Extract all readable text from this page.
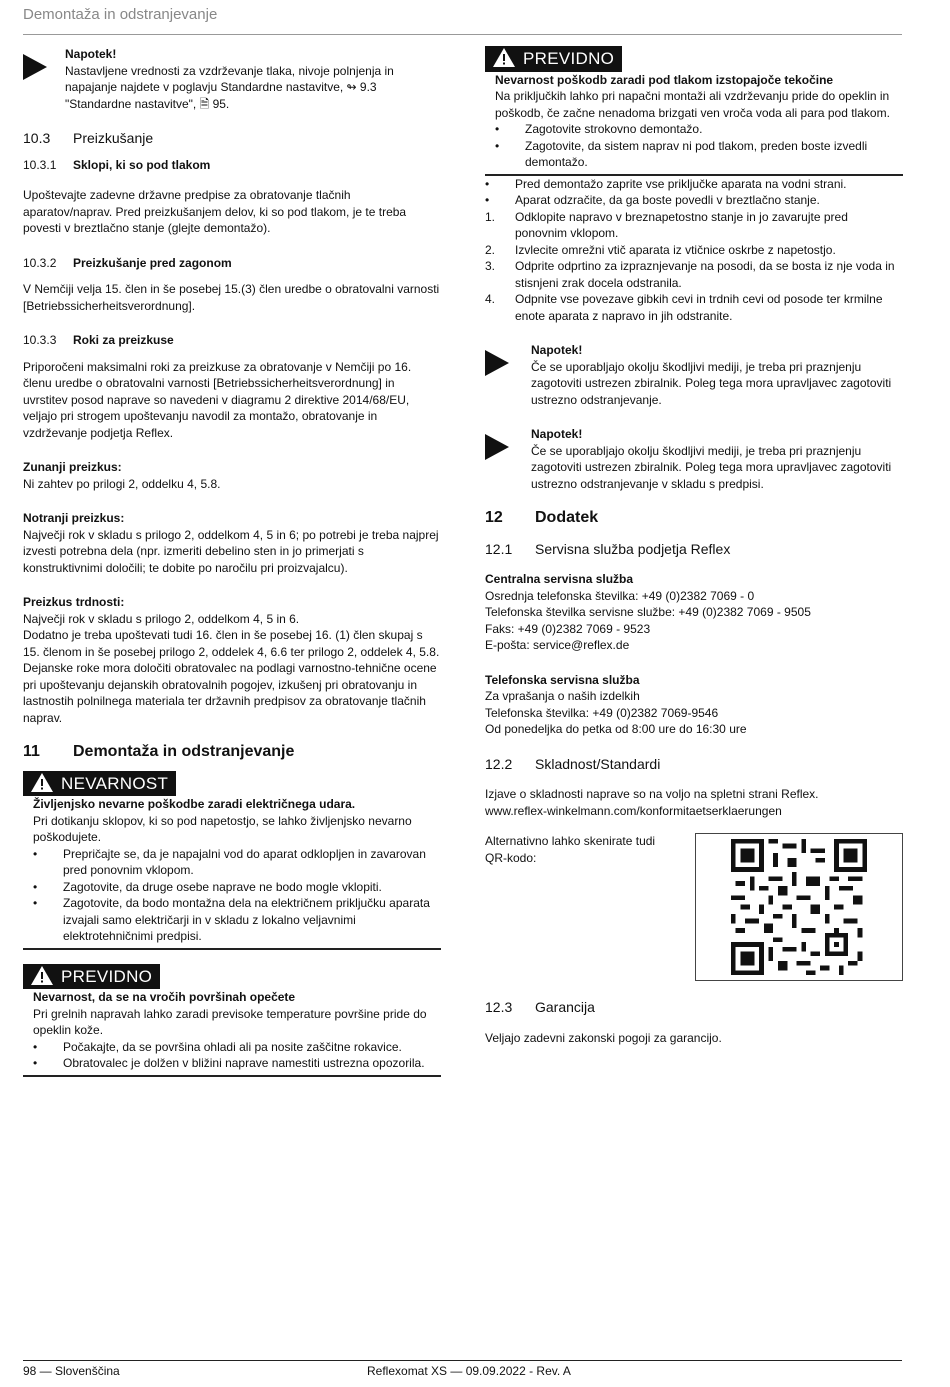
Demontaža in odstranjevanje

Napotek!

Nastavljene vrednosti za vzdrževanje tlaka, nivoje polnjenja in napajanje najdete v poglavju Standardne nastavitve, ↬ 9.3 "Standardne nastavitve", 🗎 95.

10.3	Preizkušanje
10.3.1	Sklopi, ki so pod tlakom

Upoštevajte zadevne državne predpise za obratovanje tlačnih aparatov/naprav. Pred preizkušanjem delov, ki so pod tlakom, je te treba povesti v breztlačno stanje (glejte demontažo).

10.3.2	Preizkušanje pred zagonom

V Nemčiji velja 15. člen in še posebej 15.(3) člen uredbe o obratovalni varnosti [Betriebssicherheitsverordnung].

10.3.3	Roki za preizkuse

Priporočeni maksimalni roki za preizkuse za obratovanje v Nemčiji po 16. členu uredbe o obratovalni varnosti [Betriebssicherheitsverordnung] in uvrstitev posod naprave so navedeni v diagramu 2 direktive 2014/68/EU, veljajo pri strogem upoštevanju navodil za montažo, obratovanje in vzdrževanje podjetja Reflex.

Zunanji preizkus:

Ni zahtev po prilogi 2, oddelku 4, 5.8.

Notranji preizkus:

Največji rok v skladu s prilogo 2, oddelkom 4, 5 in 6; po potrebi je treba najprej izvesti potrebna dela (npr. izmeriti debelino sten in jo primerjati s konstruktivnimi določili; te dobite po naročilu pri proizvajalcu).

Preizkus trdnosti:

Največji rok v skladu s prilogo 2, oddelkom 4, 5 in 6.

Dodatno je treba upoštevati tudi 16. člen in še posebej 16. (1) člen skupaj s 15. členom in še posebej prilogo 2, oddelek 4, 6.6 ter prilogo 2, oddelek 4, 5.8.

Dejanske roke mora določiti obratovalec na podlagi varnostno-tehnične ocene pri upoštevanju dejanskih obratovalnih pogojev, izkušenj pri obratovanju in lastnostih polnilnega materiala ter državnih predpisov za obratovanje tlačnih naprav.

11	Demontaža in odstranjevanje
NEVARNOST

Življenjsko nevarne poškodbe zaradi električnega udara.

Pri dotikanju sklopov, ki so pod napetostjo, se lahko življenjsko nevarno poškodujete.

• Prepričajte se, da je napajalni vod do aparat odklopljen in zavarovan pred ponovnim vklopom.
• Zagotovite, da druge osebe naprave ne bodo mogle vklopiti.
• Zagotovite, da bodo montažna dela na električnem priključku aparata izvajali samo električarji in v skladu z lokalno veljavnimi elektrotehničnimi predpisi.
PREVIDNO

Nevarnost, da se na vročih površinah opečete

Pri grelnih napravah lahko zaradi previsoke temperature površine pride do opeklin kože.

• Počakajte, da se površina ohladi ali pa nosite zaščitne rokavice.
• Obratovalec je dolžen v bližini naprave namestiti ustrezna opozorila.
PREVIDNO

Nevarnost poškodb zaradi pod tlakom izstopajoče tekočine

Na priključkih lahko pri napačni montaži ali vzdrževanju pride do opeklin in poškodb, če začne nenadoma brizgati ven vroča voda ali para pod tlakom.

• Zagotovite strokovno demontažo.
• Zagotovite, da sistem naprav ni pod tlakom, preden boste izvedli demontažo.
• Pred demontažo zaprite vse priključke aparata na vodni strani.
• Aparat odzračite, da ga boste povedli v breztlačno stanje.
1.	Odklopite napravo v breznapetostno stanje in jo zavarujte pred ponovnim vklopom.
2.	Izvlecite omrežni vtič aparata iz vtičnice oskrbe z napetostjo.
3.	Odprite odprtino za izpraznjevanje na posodi, da se bosta iz nje voda in stisnjeni zrak docela odstranila.
4.	Odpnite vse povezave gibkih cevi in trdnih cevi od posode ter krmilne enote aparata z napravo in jih odstranite.

Napotek!

Če se uporabljajo okolju škodljivi mediji, je treba pri praznjenju zagotoviti ustrezen zbiralnik. Poleg tega mora upravljavec zagotoviti ustrezno odstranjevanje.

Napotek!

Če se uporabljajo okolju škodljivi mediji, je treba pri praznjenju zagotoviti ustrezen zbiralnik. Poleg tega mora upravljavec zagotoviti ustrezno odstranjevanje v skladu s predpisi.

12	Dodatek
12.1	Servisna služba podjetja Reflex

Centralna servisna služba

Osrednja telefonska številka: +49 (0)2382 7069 - 0

Telefonska številka servisne službe: +49 (0)2382 7069 - 9505

Faks: +49 (0)2382 7069 - 9523

E-pošta: service@reflex.de

Telefonska servisna služba

Za vprašanja o naših izdelkih

Telefonska številka: +49 (0)2382 7069-9546

Od ponedeljka do petka od 8:00 ure do 16:30 ure

12.2	Skladnost/Standardi

Izjave o skladnosti naprave so na voljo na spletni strani Reflex.

www.reflex-winkelmann.com/konformitaetserklaerungen

Alternativno lahko skenirate tudi QR-kodo:

12.3	Garancija

Veljajo zadevni zakonski pogoji za garancijo.

98 — Slovenščina	Reflexomat XS — 09.09.2022 - Rev. A
